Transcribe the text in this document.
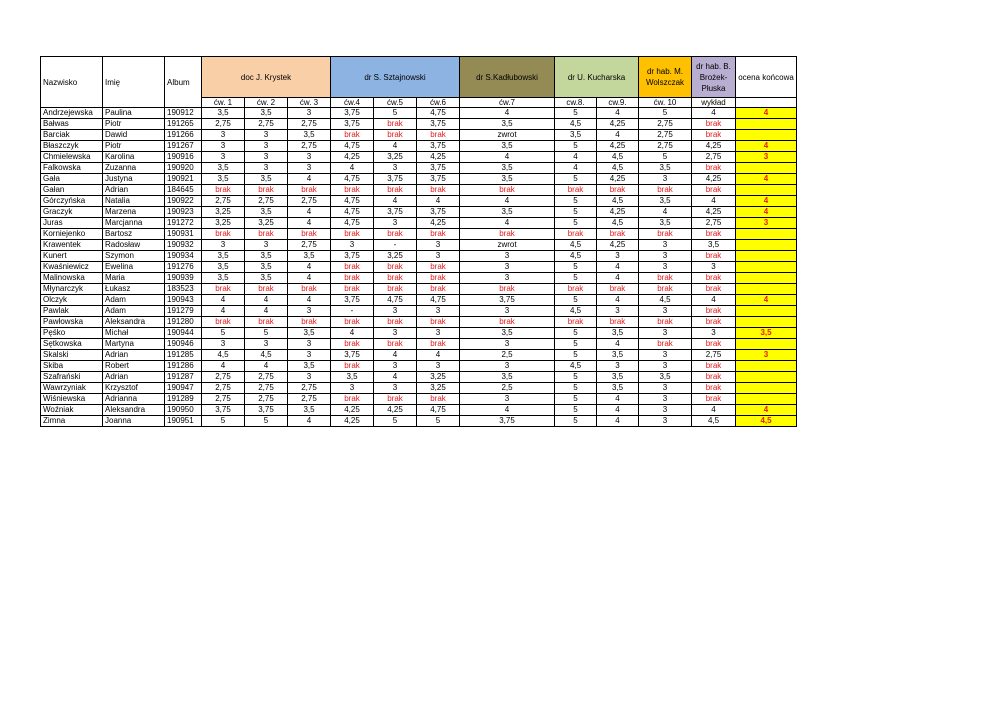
Nazwisko	Imię	Album	doc J. Krystek			dr S. Sztajnowski			dr S.Kadłubowski	dr U. Kucharska		dr hab. M. Wolszczak	dr hab. B. Brożek-Płuska	ocena końcowa
			ćw. 1	ćw. 2	ćw. 3	ćw.4	ćw.5	ćw.6	ćw.7	cw.8.	cw.9.	ćw. 10	wykład	
Andrzejewska	Paulina	190912	3,5	3,5	3	3,75	5	4,75	4	5	4	5	4	4
Bałwas	Piotr	191265	2,75	2,75	2,75	3,75	brak	3,75	3,5	4,5	4,25	2,75	brak	
Barciak	Dawid	191266	3	3	3,5	brak	brak	brak	zwrot	3,5	4	2,75	brak	
Błaszczyk	Piotr	191267	3	3	2,75	4,75	4	3,75	3,5	5	4,25	2,75	4,25	4
Chmielewska	Karolina	190916	3	3	3	4,25	3,25	4,25	4	4	4,5	5	2,75	3
Falkowska	Zuzanna	190920	3,5	3	3	4	3	3,75	3,5	4	4,5	3,5	brak	
Gała	Justyna	190921	3,5	3,5	4	4,75	3,75	3,75	3,5	5	4,25	3	4,25	4
Gałan	Adrian	184645	brak	brak	brak	brak	brak	brak	brak	brak	brak	brak	brak	
Górczyńska	Natalia	190922	2,75	2,75	2,75	4,75	4	4	4	5	4,5	3,5	4	4
Graczyk	Marzena	190923	3,25	3,5	4	4,75	3,75	3,75	3,5	5	4,25	4	4,25	4
Juras	Marcjanna	191272	3,25	3,25	4	4,75	3	4,25	4	5	4,5	3,5	2,75	3
Korniejenko	Bartosz	190931	brak	brak	brak	brak	brak	brak	brak	brak	brak	brak	brak	
Krawentek	Radosław	190932	3	3	2,75	3	-	3	zwrot	4,5	4,25	3	3,5	
Kunert	Szymon	190934	3,5	3,5	3,5	3,75	3,25	3	3	4,5	3	3	brak	
Kwaśniewicz	Ewelina	191276	3,5	3,5	4	brak	brak	brak	3	5	4	3	3	
Malinowska	Maria	190939	3,5	3,5	4	brak	brak	brak	3	5	4	brak	brak	
Młynarczyk	Łukasz	183523	brak	brak	brak	brak	brak	brak	brak	brak	brak	brak	brak	
Olczyk	Adam	190943	4	4	4	3,75	4,75	4,75	3,75	5	4	4,5	4	4
Pawlak	Adam	191279	4	4	3	-	3	3	3	4,5	3	3	brak	
Pawłowska	Aleksandra	191280	brak	brak	brak	brak	brak	brak	brak	brak	brak	brak	brak	
Pęśko	Michał	190944	5	5	3,5	4	3	3	3,5	5	3,5	3	3	3,5
Sętkowska	Martyna	190946	3	3	3	brak	brak	brak	3	5	4	brak	brak	
Skalski	Adrian	191285	4,5	4,5	3	3,75	4	4	2,5	5	3,5	3	2,75	3
Skiba	Robert	191286	4	4	3,5	brak	3	3	3	4,5	3	3	brak	
Szafrański	Adrian	191287	2,75	2,75	3	3,5	4	3,25	3,5	5	3,5	3,5	brak	
Wawrzyniak	Krzysztof	190947	2,75	2,75	2,75	3	3	3,25	2,5	5	3,5	3	brak	
Wiśniewska	Adrianna	191289	2,75	2,75	2,75	brak	brak	brak	3	5	4	3	brak	
Woźniak	Aleksandra	190950	3,75	3,75	3,5	4,25	4,25	4,75	4	5	4	3	4	4
Zimna	Joanna	190951	5	5	4	4,25	5	5	3,75	5	4	3	4,5	4,5
